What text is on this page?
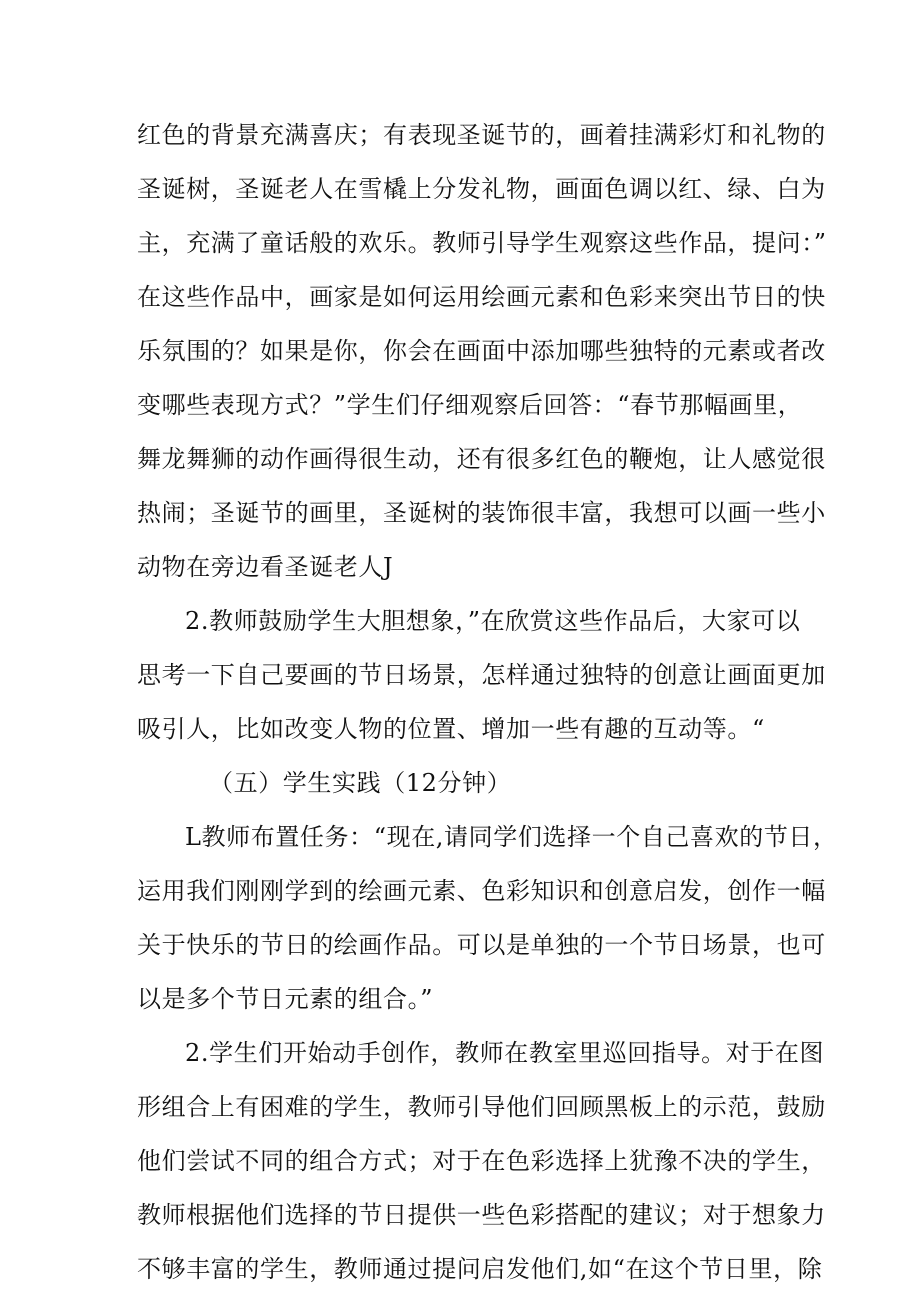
红色的背景充满喜庆；有表现圣诞节的，画着挂满彩灯和礼物的
圣诞树，圣诞老人在雪橇上分发礼物，画面色调以红、绿、白为
主，充满了童话般的欢乐。教师引导学生观察这些作品，提问：”
在这些作品中，画家是如何运用绘画元素和色彩来突出节日的快
乐氛围的？如果是你，你会在画面中添加哪些独特的元素或者改
变哪些表现方式？”学生们仔细观察后回答：“春节那幅画里，
舞龙舞狮的动作画得很生动，还有很多红色的鞭炮，让人感觉很
热闹；圣诞节的画里，圣诞树的装饰很丰富，我想可以画一些小
动物在旁边看圣诞老人J
2.教师鼓励学生大胆想象，”在欣赏这些作品后，大家可以
思考一下自己要画的节日场景，怎样通过独特的创意让画面更加
吸引人，比如改变人物的位置、增加一些有趣的互动等。“
（五）学生实践（12分钟）
L教师布置任务：“现在,请同学们选择一个自己喜欢的节日，
运用我们刚刚学到的绘画元素、色彩知识和创意启发，创作一幅
关于快乐的节日的绘画作品。可以是单独的一个节日场景，也可
以是多个节日元素的组合。”
2.学生们开始动手创作，教师在教室里巡回指导。对于在图
形组合上有困难的学生，教师引导他们回顾黑板上的示范，鼓励
他们尝试不同的组合方式；对于在色彩选择上犹豫不决的学生，
教师根据他们选择的节日提供一些色彩搭配的建议；对于想象力
不够丰富的学生，教师通过提问启发他们,如“在这个节日里，除
